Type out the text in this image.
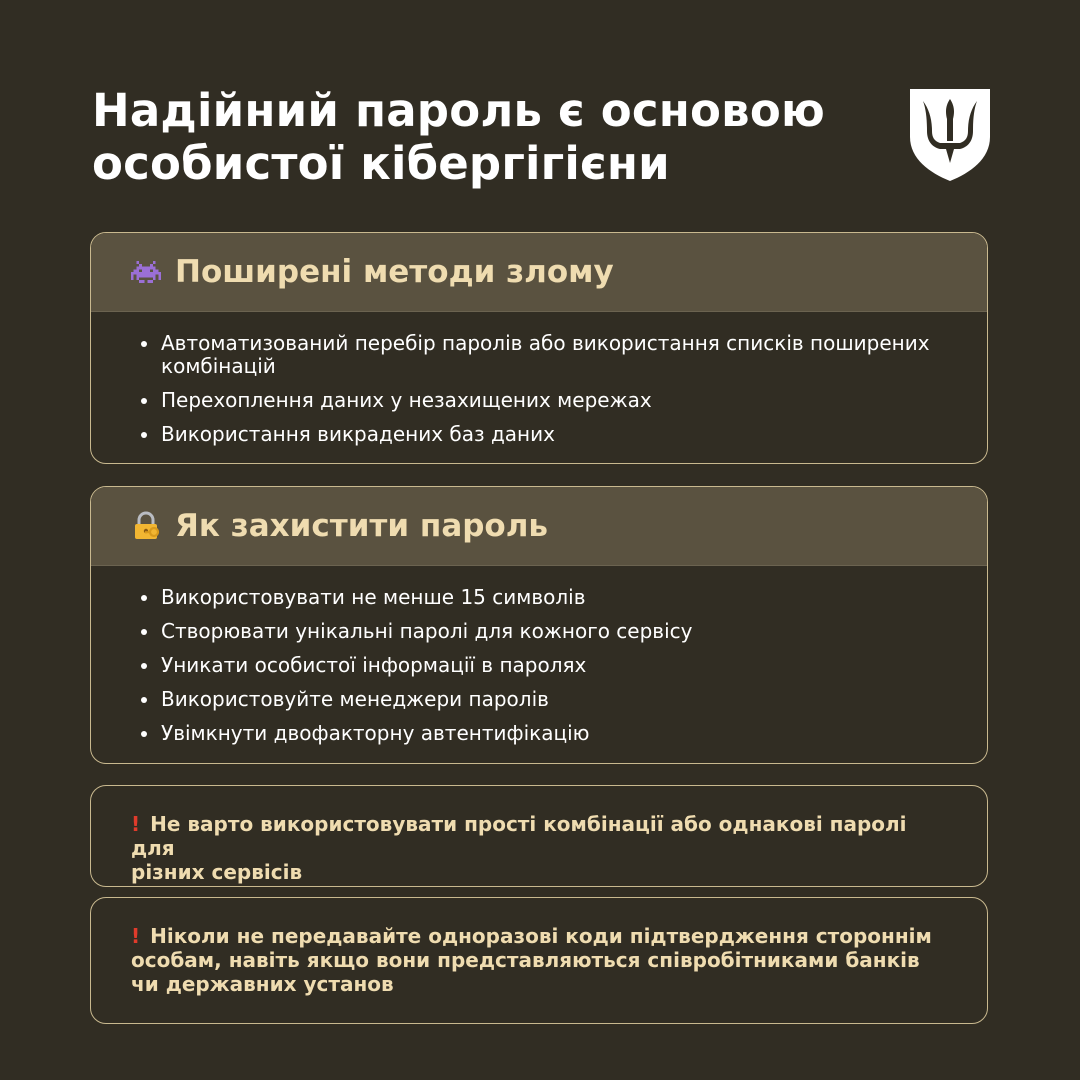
Надійний пароль є основою
особистої кібергігієни
Поширені методи злому
Автоматизований перебір паролів або використання списків поширених комбінацій
Перехоплення даних у незахищених мережах
Використання викрадених баз даних
Як захистити пароль
Використовувати не менше 15 символів
Створювати унікальні паролі для кожного сервісу
Уникати особистої інформації в паролях
Використовуйте менеджери паролів
Увімкнути двофакторну автентифікацію
! Не варто використовувати прості комбінації або однакові паролі для
різних сервісів
! Ніколи не передавайте одноразові коди підтвердження стороннім
особам, навіть якщо вони представляються співробітниками банків
чи державних установ
